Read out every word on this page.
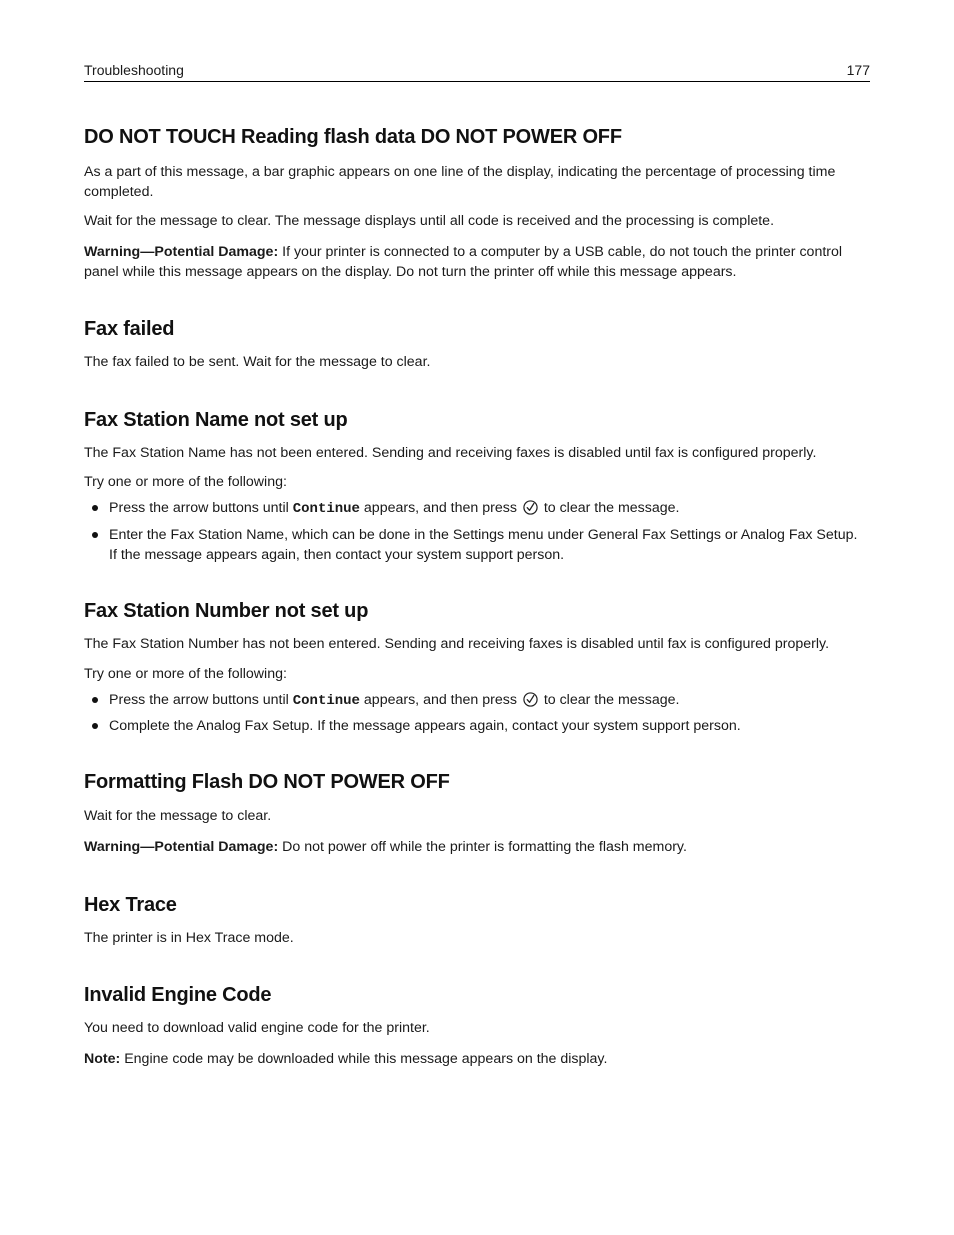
Troubleshooting	177
DO NOT TOUCH Reading flash data DO NOT POWER OFF

As a part of this message, a bar graphic appears on one line of the display, indicating the percentage of processing time completed.

Wait for the message to clear. The message displays until all code is received and the processing is complete.

Warning—Potential Damage: If your printer is connected to a computer by a USB cable, do not touch the printer control panel while this message appears on the display. Do not turn the printer off while this message appears.

Fax failed

The fax failed to be sent. Wait for the message to clear.

Fax Station Name not set up

The Fax Station Name has not been entered. Sending and receiving faxes is disabled until fax is configured properly.

Try one or more of the following:

Press the arrow buttons until Continue appears, and then press  to clear the message.
Enter the Fax Station Name, which can be done in the Settings menu under General Fax Settings or Analog Fax Setup. If the message appears again, then contact your system support person.
Fax Station Number not set up

The Fax Station Number has not been entered. Sending and receiving faxes is disabled until fax is configured properly.

Try one or more of the following:

Press the arrow buttons until Continue appears, and then press  to clear the message.
Complete the Analog Fax Setup. If the message appears again, contact your system support person.
Formatting Flash DO NOT POWER OFF

Wait for the message to clear.

Warning—Potential Damage: Do not power off while the printer is formatting the flash memory.

Hex Trace

The printer is in Hex Trace mode.

Invalid Engine Code

You need to download valid engine code for the printer.

Note: Engine code may be downloaded while this message appears on the display.
